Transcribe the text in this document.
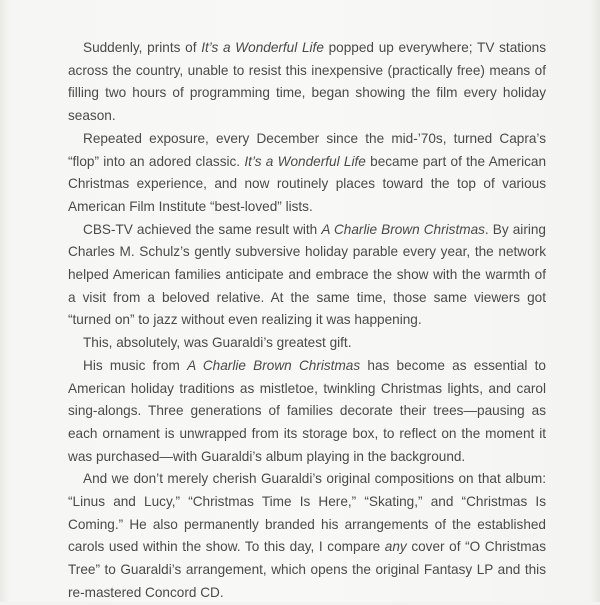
Suddenly, prints of It’s a Wonderful Life popped up everywhere; TV stations across the country, unable to resist this inexpensive (practically free) means of filling two hours of programming time, began showing the film every holiday season.

Repeated exposure, every December since the mid-’70s, turned Capra’s “flop” into an adored classic. It’s a Wonderful Life became part of the American Christmas experience, and now routinely places toward the top of various American Film Institute “best-loved” lists.

CBS-TV achieved the same result with A Charlie Brown Christmas. By airing Charles M. Schulz’s gently subversive holiday parable every year, the network helped American families anticipate and embrace the show with the warmth of a visit from a beloved relative. At the same time, those same viewers got “turned on” to jazz without even realizing it was happening.

This, absolutely, was Guaraldi’s greatest gift.

His music from A Charlie Brown Christmas has become as essential to American holiday traditions as mistletoe, twinkling Christmas lights, and carol sing-alongs. Three generations of families decorate their trees—pausing as each ornament is unwrapped from its storage box, to reflect on the moment it was purchased—with Guaraldi’s album playing in the background.

And we don’t merely cherish Guaraldi’s original compositions on that album: “Linus and Lucy,” “Christmas Time Is Here,” “Skating,” and “Christmas Is Coming.” He also permanently branded his arrangements of the established carols used within the show. To this day, I compare any cover of “O Christmas Tree” to Guaraldi’s arrangement, which opens the original Fantasy LP and this re-mastered Concord CD.
